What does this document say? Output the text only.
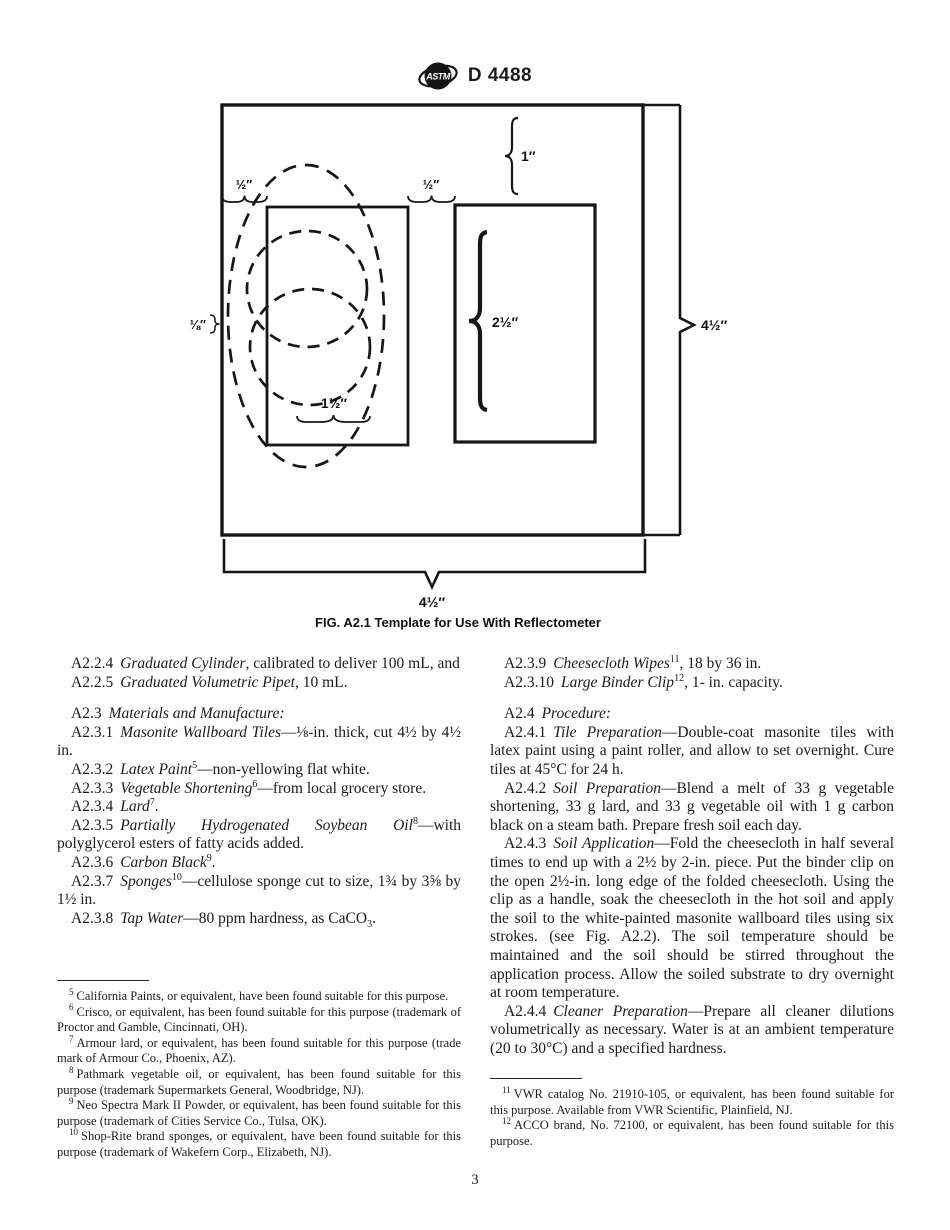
ASTM D 4488
½″	½″
1″
⅛″	2½″
1½″
4½″
4½″
FIG. A2.1 Template for Use With Reflectometer

A2.2.4 Graduated Cylinder, calibrated to deliver 100 mL, and

A2.2.5 Graduated Volumetric Pipet, 10 mL.

A2.3 Materials and Manufacture:

A2.3.1 Masonite Wallboard Tiles—⅛-in. thick, cut 4½ by 4½ in.

A2.3.2 Latex Paint$^5$—non-yellowing flat white.

A2.3.3 Vegetable Shortening$^6$—from local grocery store.

A2.3.4 Lard$^7$.

A2.3.5 Partially Hydrogenated Soybean Oil$^8$—with polyglycerol esters of fatty acids added.

A2.3.6 Carbon Black$^9$.

A2.3.7 Sponges$^{10}$—cellulose sponge cut to size, 1¾ by 3⅝ by 1½ in.

A2.3.8 Tap Water—80 ppm hardness, as CaCO$_3$.

A2.3.9 Cheesecloth Wipes$^{11}$, 18 by 36 in.

A2.3.10 Large Binder Clip$^{12}$, 1- in. capacity.

A2.4 Procedure:

A2.4.1 Tile Preparation—Double-coat masonite tiles with latex paint using a paint roller, and allow to set overnight. Cure tiles at 45°C for 24 h.

A2.4.2 Soil Preparation—Blend a melt of 33 g vegetable shortening, 33 g lard, and 33 g vegetable oil with 1 g carbon black on a steam bath. Prepare fresh soil each day.

A2.4.3 Soil Application—Fold the cheesecloth in half several times to end up with a 2½ by 2-in. piece. Put the binder clip on the open 2½-in. long edge of the folded cheesecloth. Using the clip as a handle, soak the cheesecloth in the hot soil and apply the soil to the white-painted masonite wallboard tiles using six strokes. (see Fig. A2.2). The soil temperature should be maintained and the soil should be stirred throughout the application process. Allow the soiled substrate to dry overnight at room temperature.

A2.4.4 Cleaner Preparation—Prepare all cleaner dilutions volumetrically as necessary. Water is at an ambient temperature (20 to 30°C) and a specified hardness.

$^5$ California Paints, or equivalent, have been found suitable for this purpose.

$^6$ Crisco, or equivalent, has been found suitable for this purpose (trademark of Proctor and Gamble, Cincinnati, OH).

$^7$ Armour lard, or equivalent, has been found suitable for this purpose (trade mark of Armour Co., Phoenix, AZ).

$^8$ Pathmark vegetable oil, or equivalent, has been found suitable for this purpose (trademark Supermarkets General, Woodbridge, NJ).

$^9$ Neo Spectra Mark II Powder, or equivalent, has been found suitable for this purpose (trademark of Cities Service Co., Tulsa, OK).

$^{10}$ Shop-Rite brand sponges, or equivalent, have been found suitable for this purpose (trademark of Wakefern Corp., Elizabeth, NJ).

$^{11}$ VWR catalog No. 21910-105, or equivalent, has been found suitable for this purpose. Available from VWR Scientific, Plainfield, NJ.

$^{12}$ ACCO brand, No. 72100, or equivalent, has been found suitable for this purpose.

3
